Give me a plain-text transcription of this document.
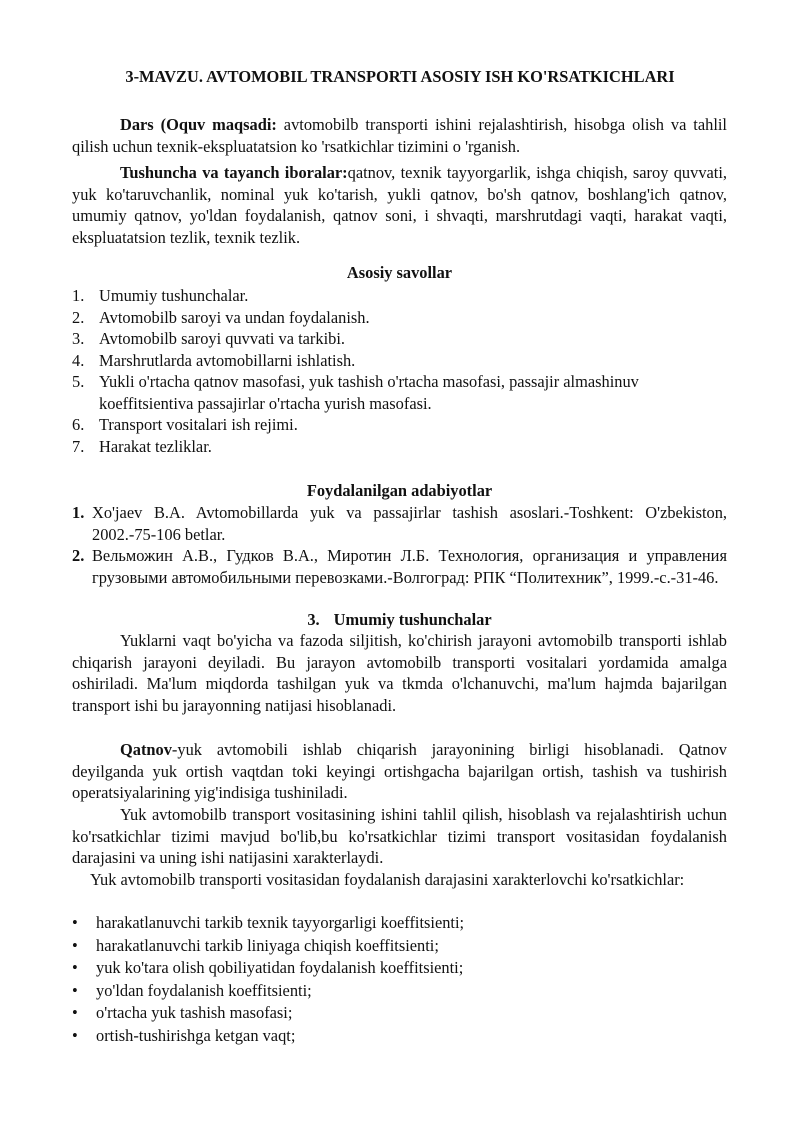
3-MAVZU. AVTOMOBIL TRANSPORTI ASOSIY ISH KO'RSATKICHLARI
Dars (Oquv maqsadi: avtomobilb transporti ishini rejalashtirish, hisobga olish va tahlil qilish uchun texnik-ekspluatatsion ko 'rsatkichlar tizimini o 'rganish.
Tushuncha va tayanch iboralar:qatnov, texnik tayyorgarlik, ishga chiqish, saroy quvvati, yuk ko'taruvchanlik, nominal yuk ko'tarish, yukli qatnov, bo'sh qatnov, boshlang'ich qatnov, umumiy qatnov, yo'ldan foydalanish, qatnov soni, i shvaqti, marshrutdagi vaqti, harakat vaqti, ekspluatatsion tezlik, texnik tezlik.
Asosiy savollar
1. Umumiy tushunchalar.
2. Avtomobilb saroyi va undan foydalanish.
3. Avtomobilb saroyi quvvati va tarkibi.
4. Marshrutlarda avtomobillarni ishlatish.
5. Yukli o'rtacha qatnov masofasi, yuk tashish o'rtacha masofasi, passajir almashinuv koeffitsientiva passajirlar o'rtacha yurish masofasi.
6. Transport vositalari ish rejimi.
7. Harakat tezliklar.
Foydalanilgan adabiyotlar
1. Xo'jaev B.A. Avtomobillarda yuk va passajirlar tashish asoslari.-Toshkent: O'zbekiston, 2002.-75-106 betlar.
2. Вельможин А.В., Гудков В.А., Миротин Л.Б. Технология, организация и управления грузовыми автомобильными перевозками.-Волгоград: РПК “Политехник”, 1999.-с.-31-46.
3. Umumiy tushunchalar
Yuklarni vaqt bo'yicha va fazoda siljitish, ko'chirish jarayoni avtomobilb transporti ishlab chiqarish jarayoni deyiladi. Bu jarayon avtomobilb transporti vositalari yordamida amalga oshiriladi. Ma'lum miqdorda tashilgan yuk va tkmda o'lchanuvchi, ma'lum hajmda bajarilgan transport ishi bu jarayonning natijasi hisoblanadi.
Qatnov-yuk avtomobili ishlab chiqarish jarayonining birligi hisoblanadi. Qatnov deyilganda yuk ortish vaqtdan toki keyingi ortishgacha bajarilgan ortish, tashish va tushirish operatsiyalarining yig'indisiga tushiniladi.
Yuk avtomobilb transport vositasining ishini tahlil qilish, hisoblash va rejalashtirish uchun ko'rsatkichlar tizimi mavjud bo'lib,bu ko'rsatkichlar tizimi transport vositasidan foydalanish darajasini va uning ishi natijasini xarakterlaydi.
Yuk avtomobilb transporti vositasidan foydalanish darajasini xarakterlovchi ko'rsatkichlar:
• harakatlanuvchi tarkib texnik tayyorgarligi koeffitsienti;
• harakatlanuvchi tarkib liniyaga chiqish koeffitsienti;
• yuk ko'tara olish qobiliyatidan foydalanish koeffitsienti;
• yo'ldan foydalanish koeffitsienti;
• o'rtacha yuk tashish masofasi;
• ortish-tushirishga ketgan vaqt;
